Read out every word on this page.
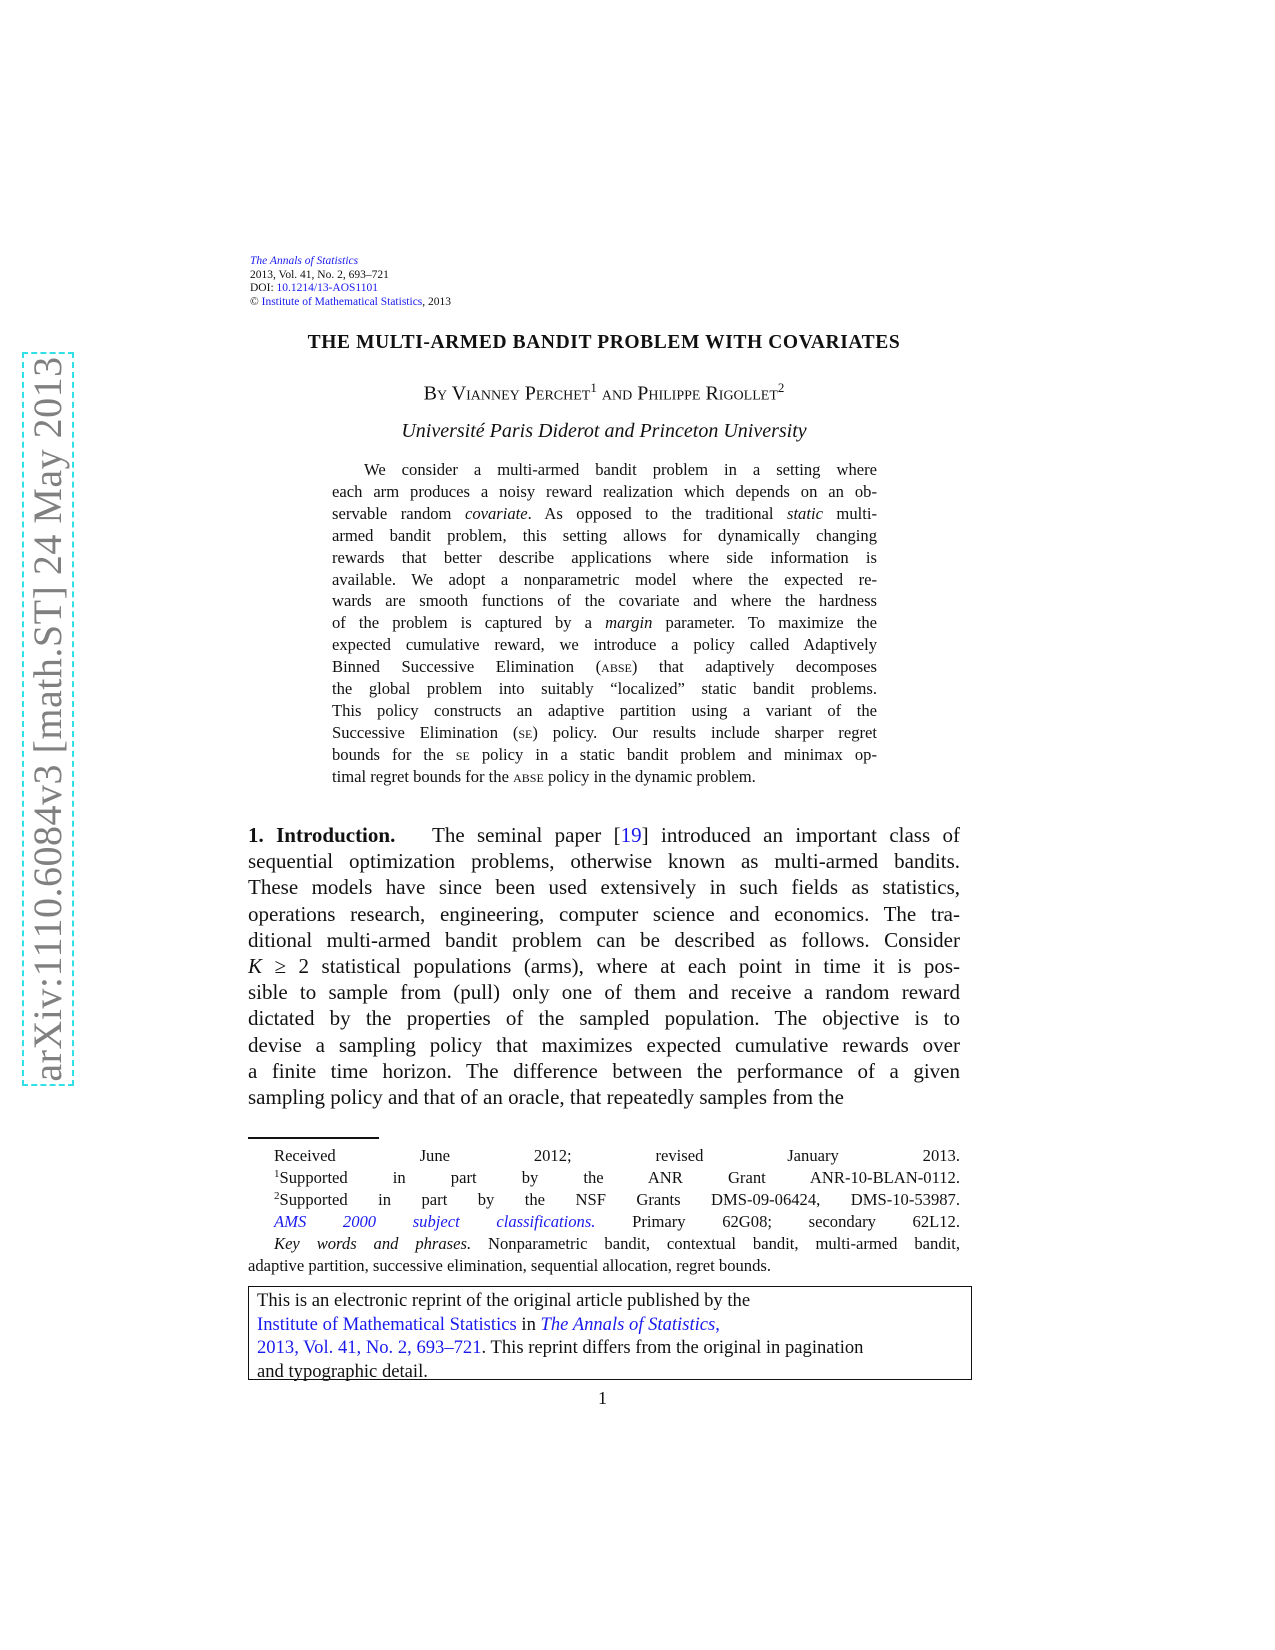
arXiv:1110.6084v3 [math.ST] 24 May 2013
The Annals of Statistics
2013, Vol. 41, No. 2, 693–721
DOI: 10.1214/13-AOS1101
© Institute of Mathematical Statistics, 2013
THE MULTI-ARMED BANDIT PROBLEM WITH COVARIATES
By Vianney Perchet$^1$ and Philippe Rigollet$^2$
Université Paris Diderot and Princeton University
We consider a multi-armed bandit problem in a setting where
each arm produces a noisy reward realization which depends on an ob-
servable random covariate. As opposed to the traditional static multi-
armed bandit problem, this setting allows for dynamically changing
rewards that better describe applications where side information is
available. We adopt a nonparametric model where the expected re-
wards are smooth functions of the covariate and where the hardness
of the problem is captured by a margin parameter. To maximize the
expected cumulative reward, we introduce a policy called Adaptively
Binned Successive Elimination (abse) that adaptively decomposes
the global problem into suitably “localized” static bandit problems.
This policy constructs an adaptive partition using a variant of the
Successive Elimination (se) policy. Our results include sharper regret
bounds for the se policy in a static bandit problem and minimax op-
timal regret bounds for the abse policy in the dynamic problem.
1. Introduction.   The seminal paper [19] introduced an important class of
sequential optimization problems, otherwise known as multi-armed bandits.
These models have since been used extensively in such fields as statistics,
operations research, engineering, computer science and economics. The tra-
ditional multi-armed bandit problem can be described as follows. Consider
K ≥ 2 statistical populations (arms), where at each point in time it is pos-
sible to sample from (pull) only one of them and receive a random reward
dictated by the properties of the sampled population. The objective is to
devise a sampling policy that maximizes expected cumulative rewards over
a finite time horizon. The difference between the performance of a given
sampling policy and that of an oracle, that repeatedly samples from the
Received June 2012; revised January 2013.
$^1$Supported in part by the ANR Grant ANR-10-BLAN-0112.
$^2$Supported in part by the NSF Grants DMS-09-06424, DMS-10-53987.
AMS 2000 subject classifications. Primary 62G08; secondary 62L12.
Key words and phrases. Nonparametric bandit, contextual bandit, multi-armed bandit,
adaptive partition, successive elimination, sequential allocation, regret bounds.
This is an electronic reprint of the original article published by the
Institute of Mathematical Statistics in The Annals of Statistics,
2013, Vol. 41, No. 2, 693–721. This reprint differs from the original in pagination
and typographic detail.
1
